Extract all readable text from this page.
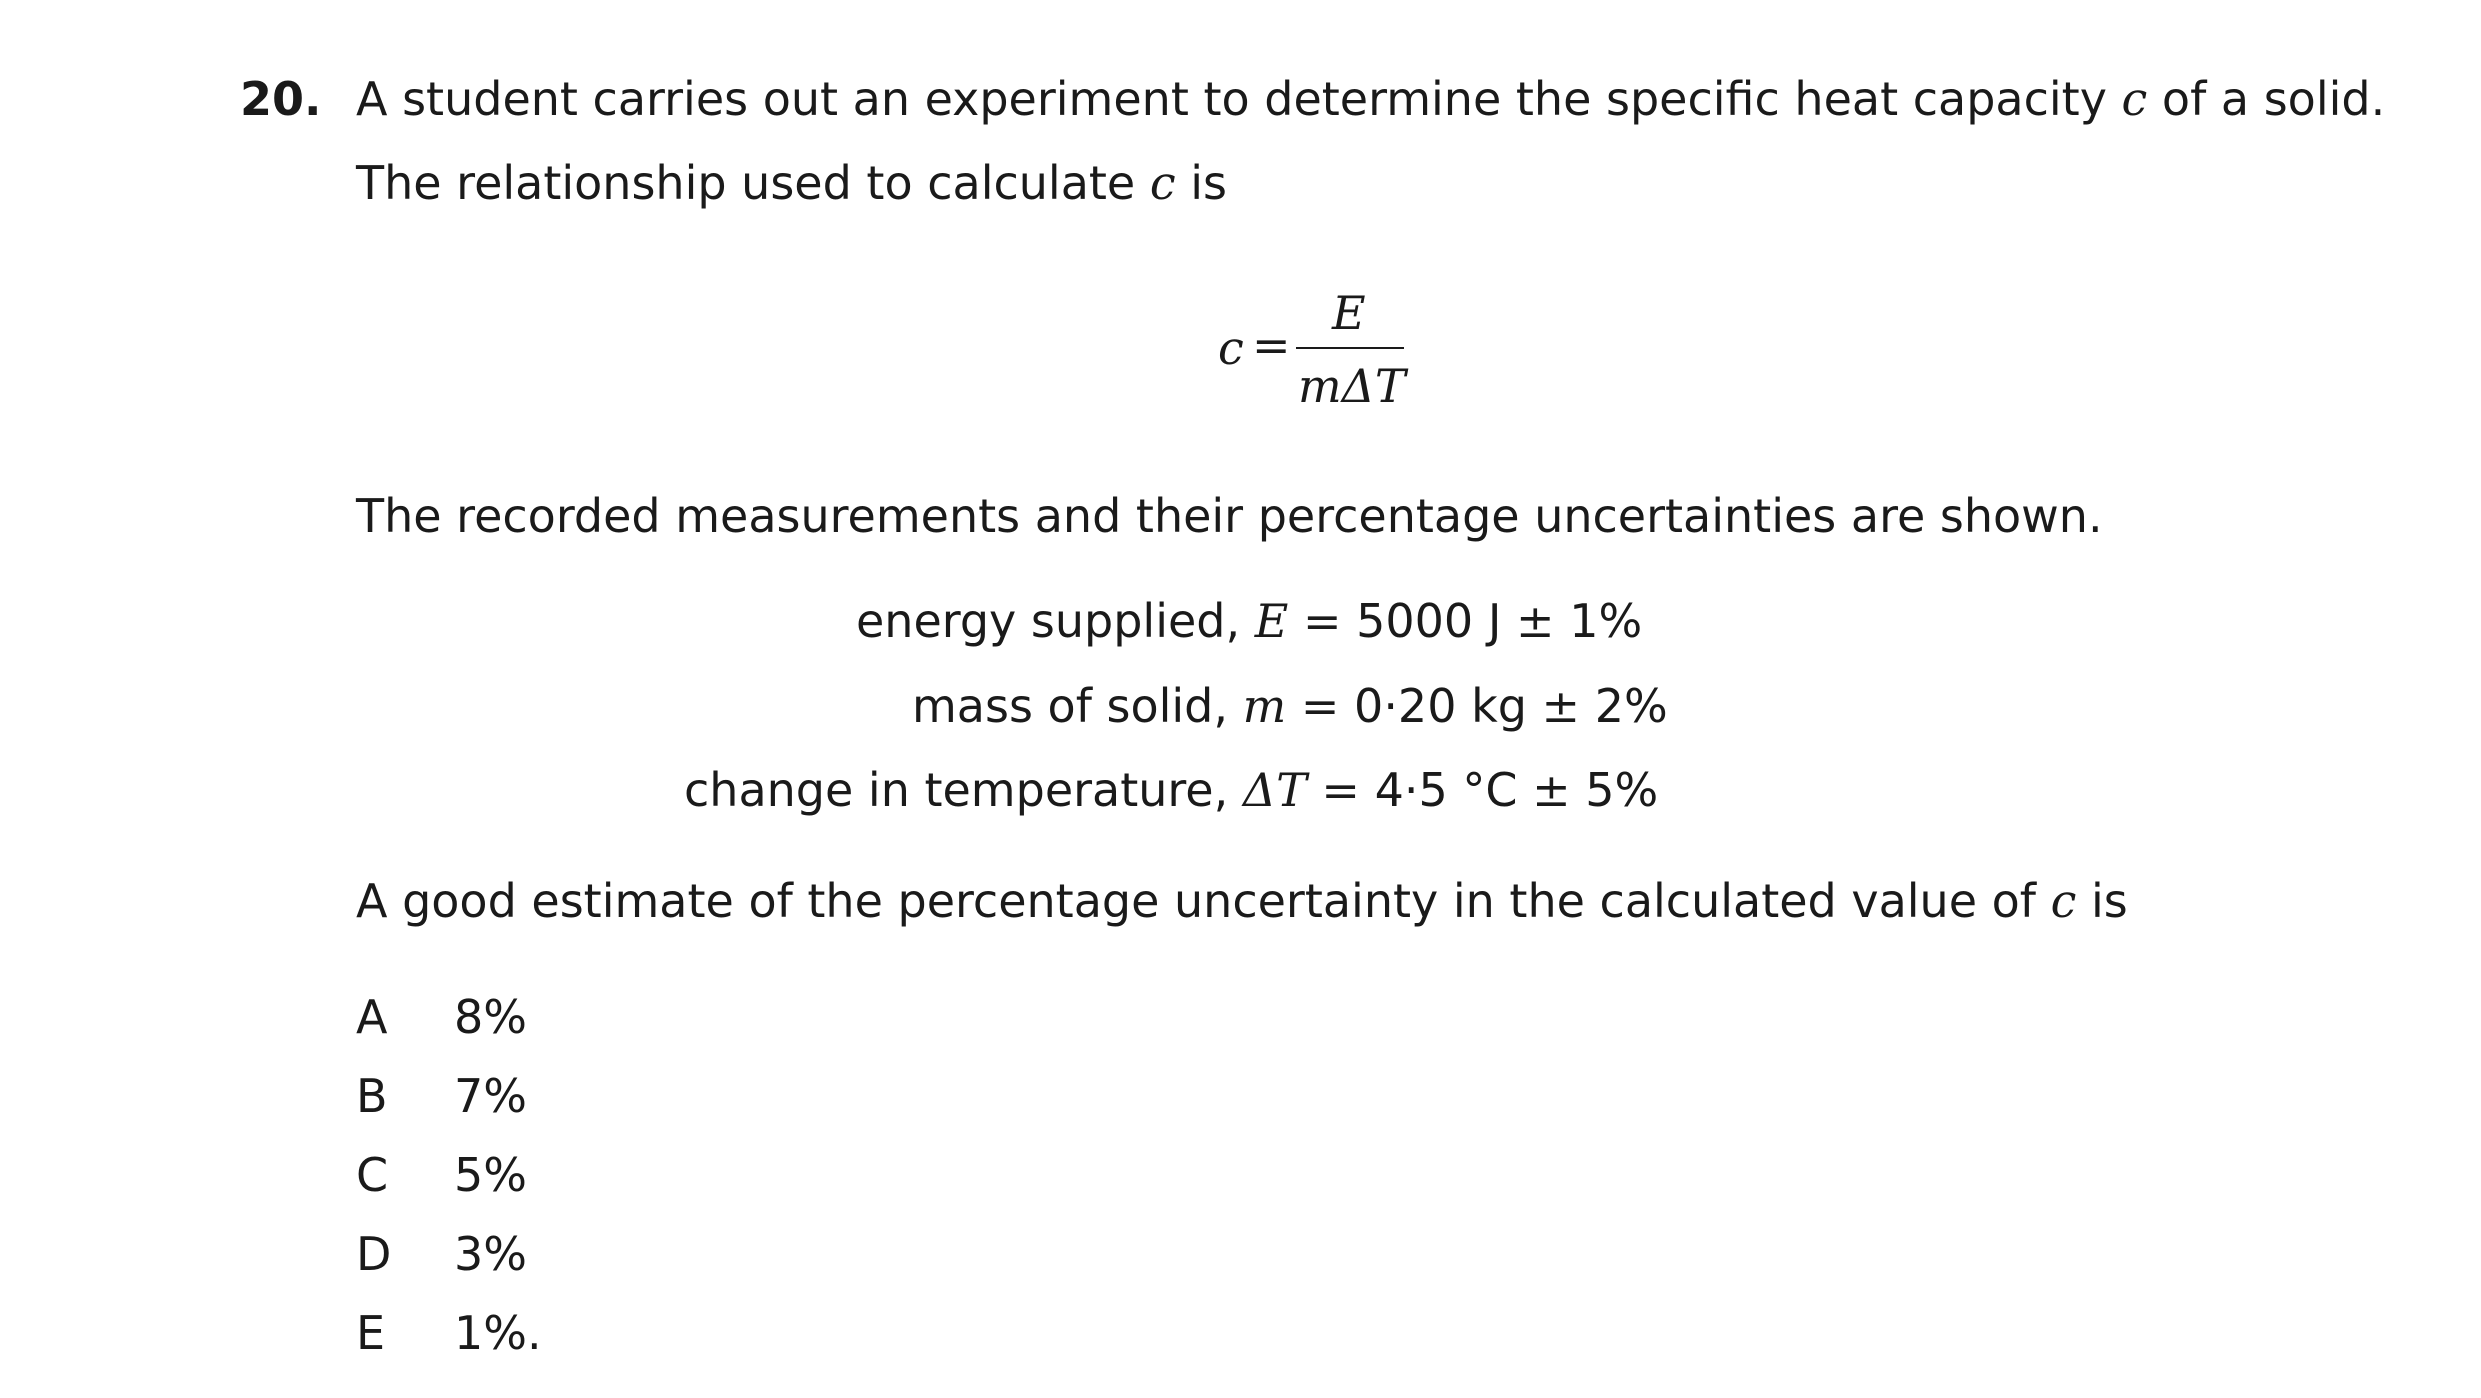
20. A student carries out an experiment to determine the specific heat capacity c of a solid.
The relationship used to calculate c is
c =
E
mΔT
The recorded measurements and their percentage uncertainties are shown.
energy supplied, E = 5000 J ± 1%
mass of solid, m = 0·20 kg ± 2%
change in temperature, ΔT = 4·5 °C ± 5%
A good estimate of the percentage uncertainty in the calculated value of c is
A 8%
B 7%
C 5%
D 3%
E 1%.
